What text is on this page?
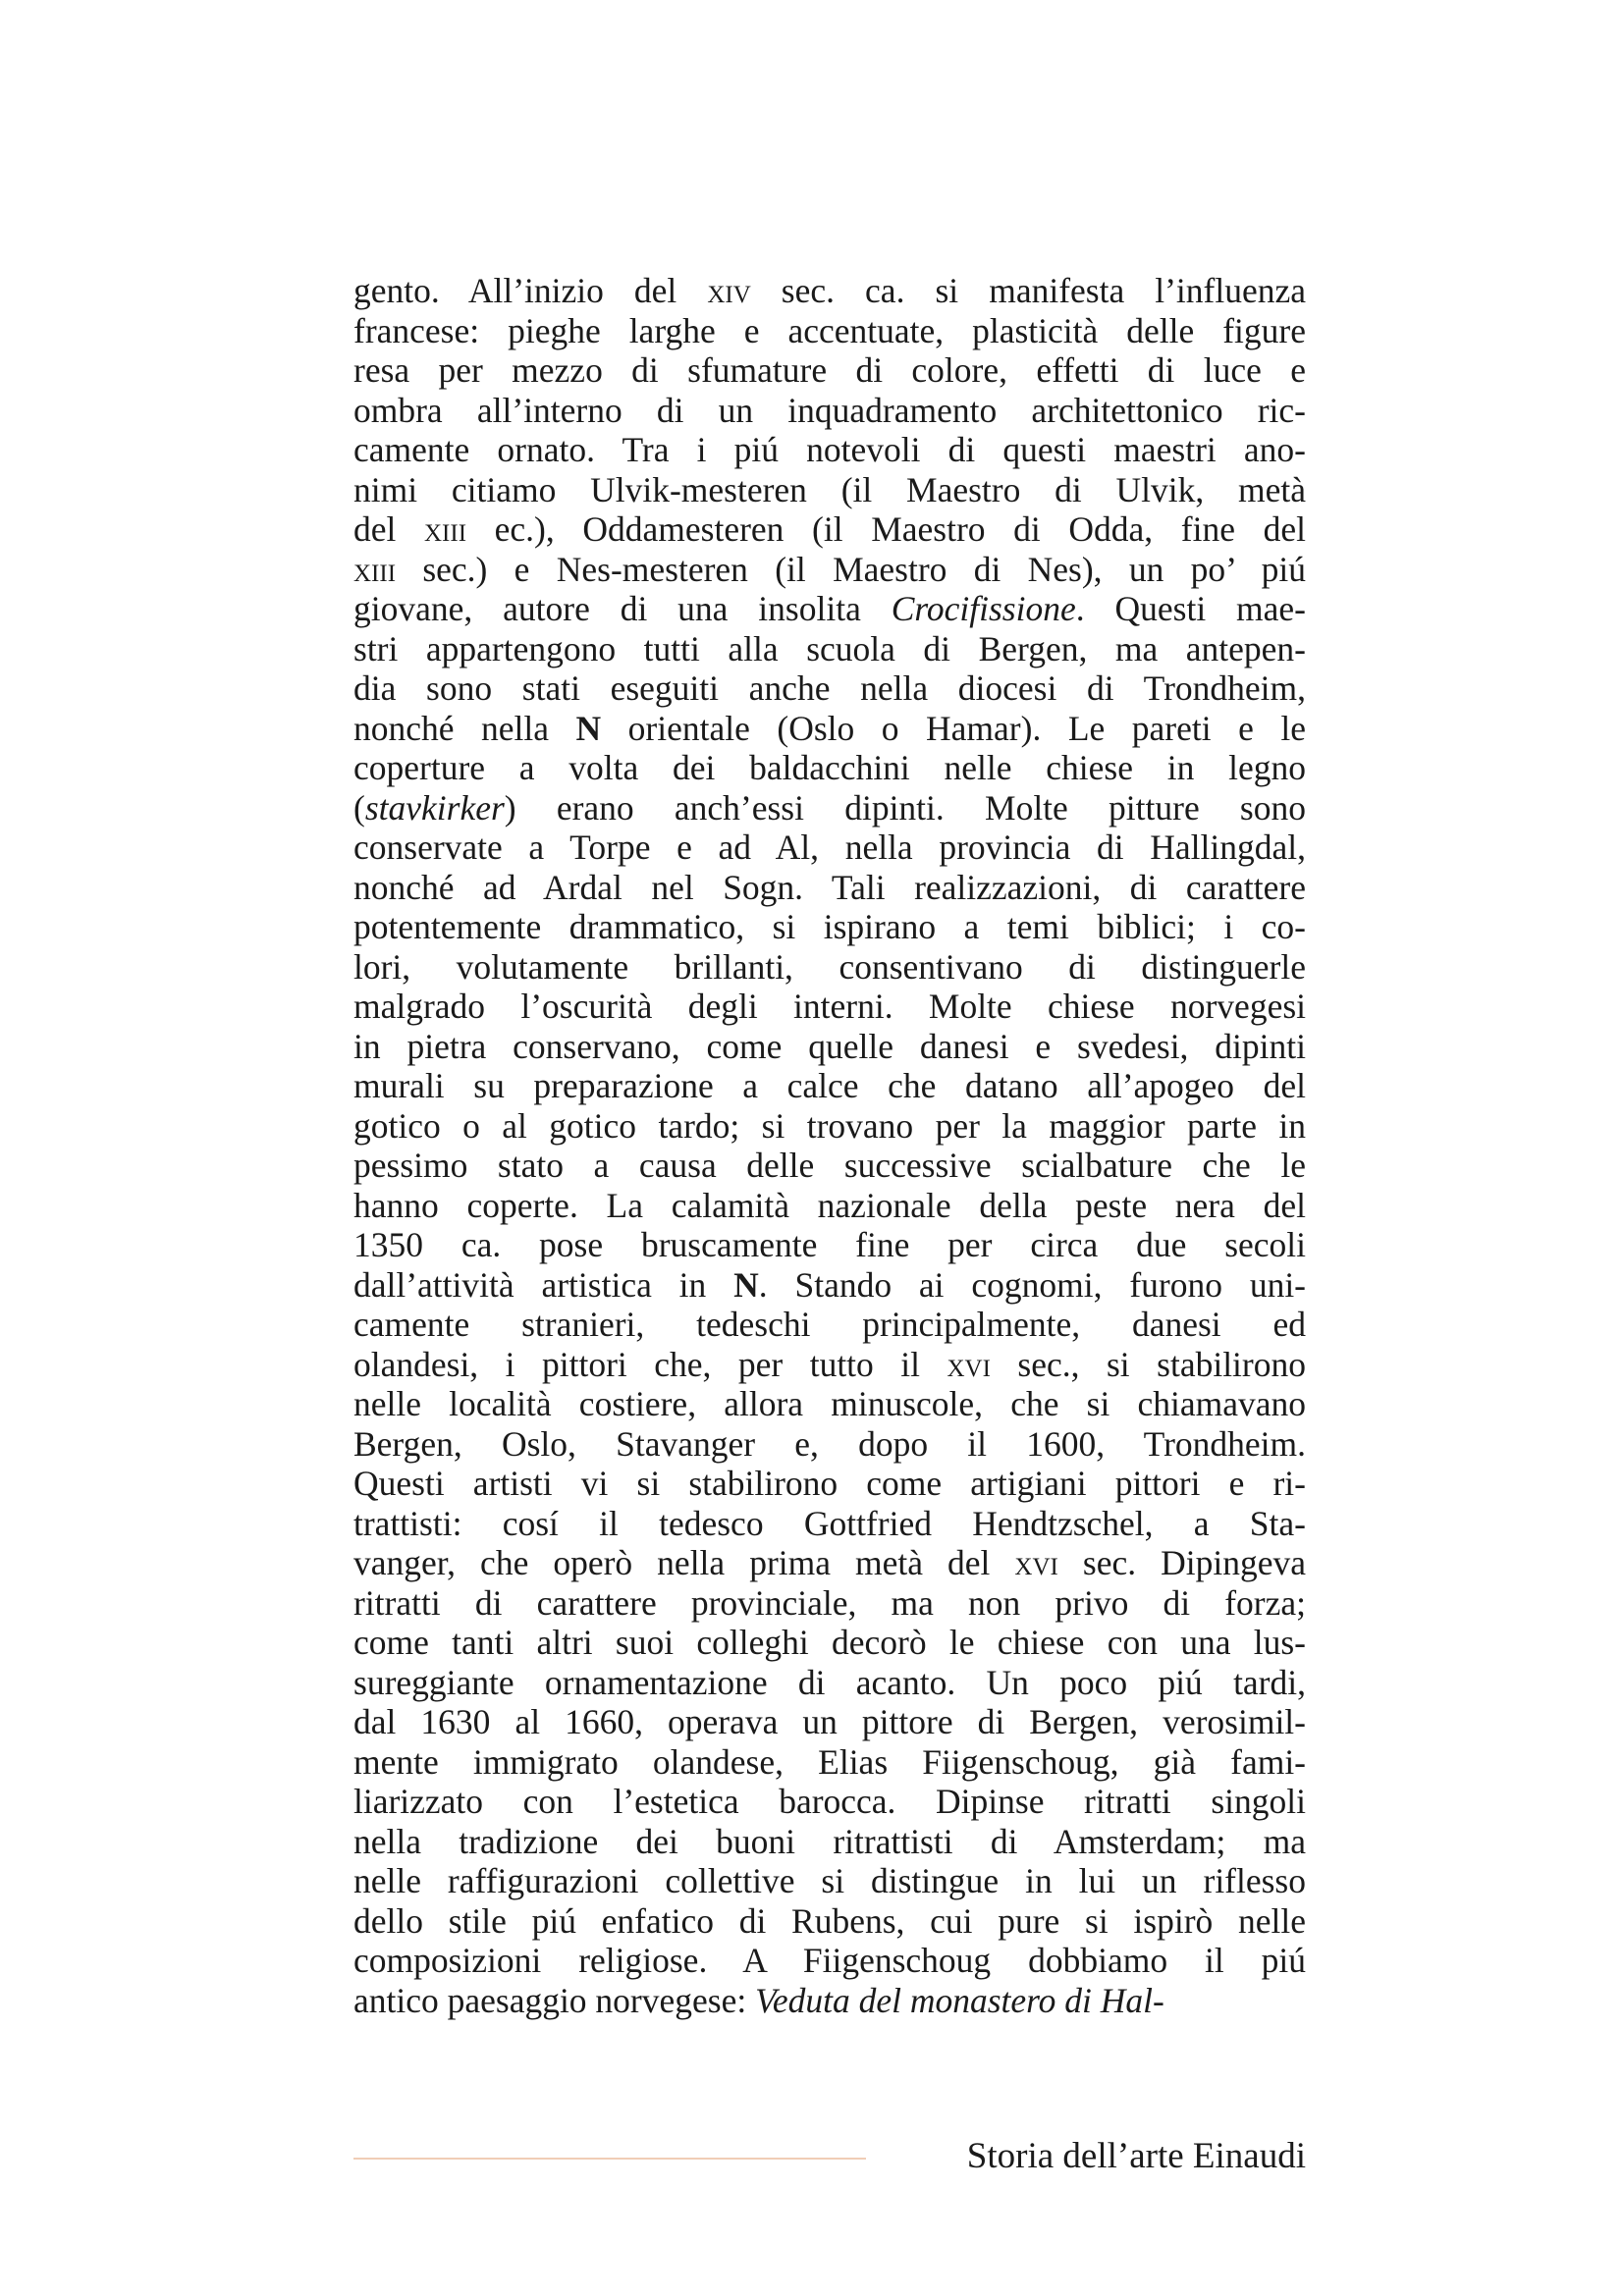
gento. All’inizio del xiv sec. ca. si manifesta l’influenza
francese: pieghe larghe e accentuate, plasticità delle figure
resa per mezzo di sfumature di colore, effetti di luce e
ombra all’interno di un inquadramento architettonico ric-
camente ornato. Tra i piú notevoli di questi maestri ano-
nimi citiamo Ulvik-mesteren (il Maestro di Ulvik, metà
del xiii ec.), Oddamesteren (il Maestro di Odda, fine del
xiii sec.) e Nes-mesteren (il Maestro di Nes), un po’ piú
giovane, autore di una insolita Crocifissione. Questi mae-
stri appartengono tutti alla scuola di Bergen, ma antepen-
dia sono stati eseguiti anche nella diocesi di Trondheim,
nonché nella N orientale (Oslo o Hamar). Le pareti e le
coperture a volta dei baldacchini nelle chiese in legno
(stavkirker) erano anch’essi dipinti. Molte pitture sono
conservate a Torpe e ad Al, nella provincia di Hallingdal,
nonché ad Ardal nel Sogn. Tali realizzazioni, di carattere
potentemente drammatico, si ispirano a temi biblici; i co-
lori, volutamente brillanti, consentivano di distinguerle
malgrado l’oscurità degli interni. Molte chiese norvegesi
in pietra conservano, come quelle danesi e svedesi, dipinti
murali su preparazione a calce che datano all’apogeo del
gotico o al gotico tardo; si trovano per la maggior parte in
pessimo stato a causa delle successive scialbature che le
hanno coperte. La calamità nazionale della peste nera del
1350 ca. pose bruscamente fine per circa due secoli
dall’attività artistica in N. Stando ai cognomi, furono uni-
camente stranieri, tedeschi principalmente, danesi ed
olandesi, i pittori che, per tutto il xvi sec., si stabilirono
nelle località costiere, allora minuscole, che si chiamavano
Bergen, Oslo, Stavanger e, dopo il 1600, Trondheim.
Questi artisti vi si stabilirono come artigiani pittori e ri-
trattisti: cosí il tedesco Gottfried Hendtzschel, a Sta-
vanger, che operò nella prima metà del xvi sec. Dipingeva
ritratti di carattere provinciale, ma non privo di forza;
come tanti altri suoi colleghi decorò le chiese con una lus-
sureggiante ornamentazione di acanto. Un poco piú tardi,
dal 1630 al 1660, operava un pittore di Bergen, verosimil-
mente immigrato olandese, Elias Fiigenschoug, già fami-
liarizzato con l’estetica barocca. Dipinse ritratti singoli
nella tradizione dei buoni ritrattisti di Amsterdam; ma
nelle raffigurazioni collettive si distingue in lui un riflesso
dello stile piú enfatico di Rubens, cui pure si ispirò nelle
composizioni religiose. A Fiigenschoug dobbiamo il piú
antico paesaggio norvegese: Veduta del monastero di Hal-
Storia dell’arte Einaudi
